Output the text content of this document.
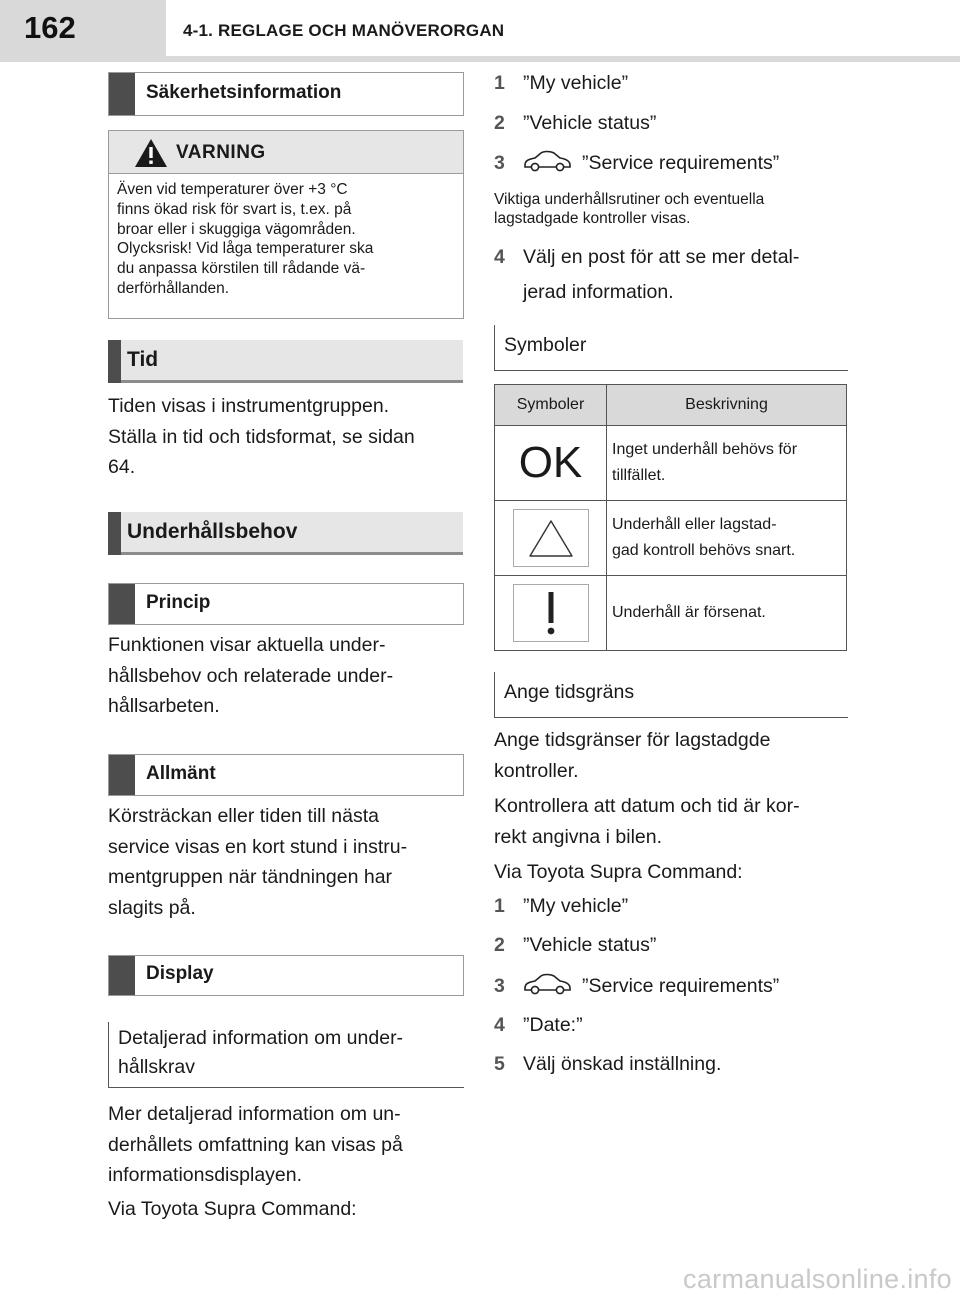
162	4-1. REGLAGE OCH MANÖVERORGAN
Säkerhetsinformation
VARNING
Även vid temperaturer över +3 °C
finns ökad risk för svart is, t.ex. på
broar eller i skuggiga vägområden.
Olycksrisk! Vid låga temperaturer ska
du anpassa körstilen till rådande vä-
derförhållanden.
Tid
Tiden visas i instrumentgruppen.
Ställa in tid och tidsformat, se sidan
64.
Underhållsbehov
Princip
Funktionen visar aktuella under-
hållsbehov och relaterade under-
hållsarbeten.
Allmänt
Körsträckan eller tiden till nästa
service visas en kort stund i instru-
mentgruppen när tändningen har
slagits på.
Display
Detaljerad information om under-
hållskrav
Mer detaljerad information om un-
derhållets omfattning kan visas på
informationsdisplayen.
Via Toyota Supra Command:
1 ”My vehicle”
2 ”Vehicle status”
3	”Service requirements”
Viktiga underhållsrutiner och eventuella
lagstadgade kontroller visas.
4 Välj en post för att se mer detal-
jerad information.
Symboler
Symboler	Beskrivning

OK	Inget underhåll behövs för
tillfället.

Underhåll eller lagstad-
gad kontroll behövs snart.

Underhåll är försenat.
Ange tidsgräns
Ange tidsgränser för lagstadgde
kontroller.
Kontrollera att datum och tid är kor-
rekt angivna i bilen.
Via Toyota Supra Command:
1 ”My vehicle”
2 ”Vehicle status”
3	”Service requirements”
4 ”Date:”
5 Välj önskad inställning.
carmanualsonline.info
